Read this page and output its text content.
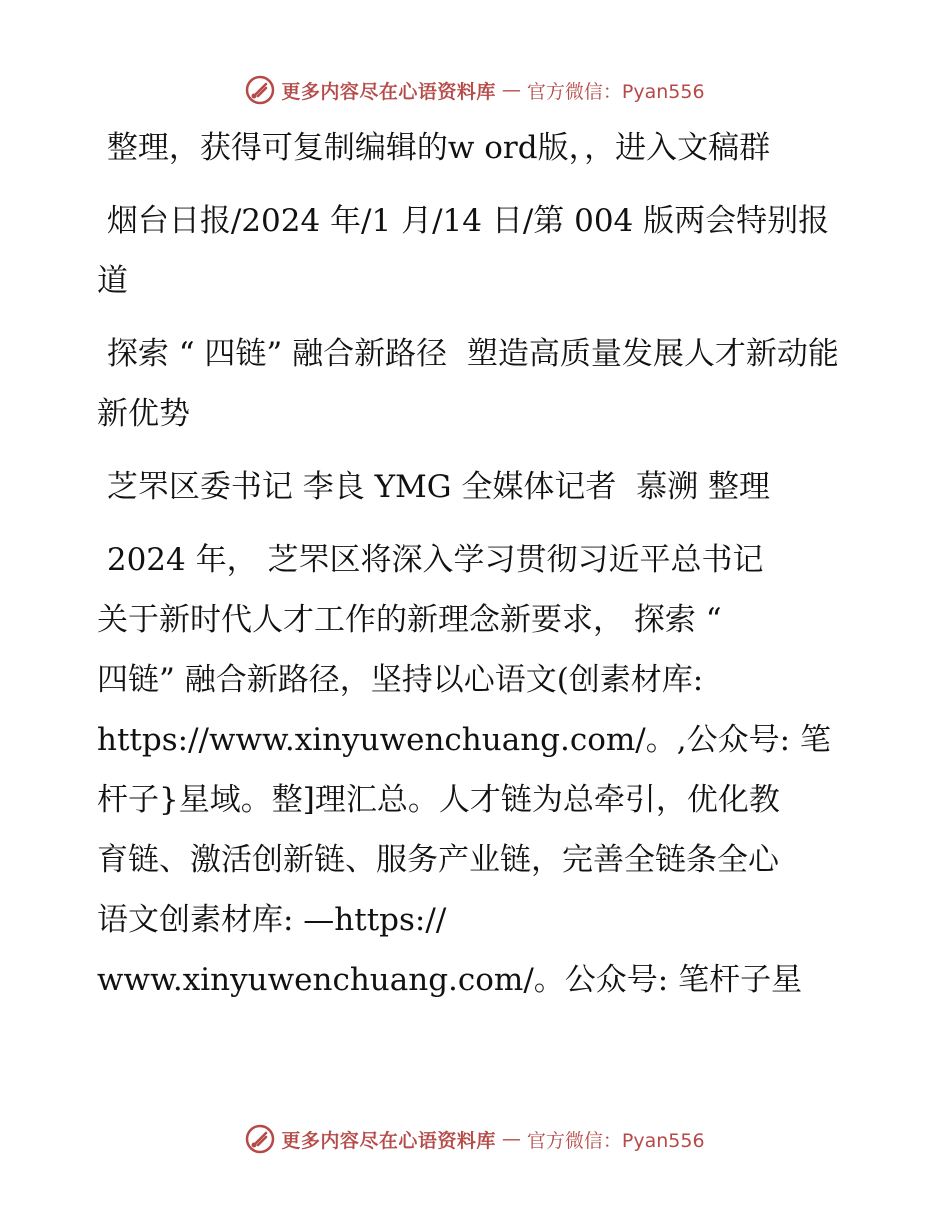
更多内容尽在心语资料库 — 官方微信：Pyan556

整理，获得可复制编辑的w ord版，，进入文稿群

烟台日报/2024 年/1 月/14 日/第 004 版两会特别报道

探索 “ 四链” 融合新路径  塑造高质量发展人才新动能新优势

芝罘区委书记 李良 YMG 全媒体记者  慕溯 整理

2024 年， 芝罘区将深入学习贯彻习近平总书记

关于新时代人才工作的新理念新要求， 探索 “

四链” 融合新路径，坚持以心语文(创素材库:

https://www.xinyuwenchuang.com/。,公众号: 笔

杆子}星域。整]理汇总。人才链为总牵引，优化教

育链、激活创新链、服务产业链，完善全链条全心

语文创素材库: —https://

www.xinyuwenchuang.com/。公众号: 笔杆子星

更多内容尽在心语资料库 — 官方微信：Pyan556
